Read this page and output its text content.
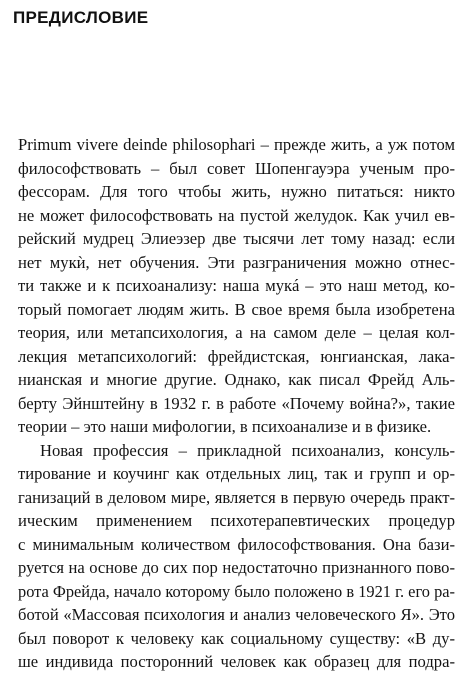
ПРЕДИСЛОВИЕ
Primum vivere deinde philosophari – прежде жить, а уж потом
философствовать – был совет Шопенгауэра ученым про-
фессорам. Для того чтобы жить, нужно питаться: никто
не может философствовать на пустой желудок. Как учил ев-
рейский мудрец Элиеэзер две тысячи лет тому назад: если
нет мукѝ, нет обучения. Эти разграничения можно отнес-
ти также и к психоанализу: наша мукá – это наш метод, ко-
торый помогает людям жить. В свое время была изобретена
теория, или метапсихология, а на самом деле – целая кол-
лекция метапсихологий: фрейдистская, юнгианская, лака-
нианская и многие другие. Однако, как писал Фрейд Аль-
берту Эйнштейну в 1932 г. в работе «Почему война?», такие
теории – это наши мифологии, в психоанализе и в физике.
Новая профессия – прикладной психоанализ, консуль-
тирование и коучинг как отдельных лиц, так и групп и ор-
ганизаций в деловом мире, является в первую очередь практ-
ическим применением психотерапевтических процедур
с минимальным количеством философствования. Она бази-
руется на основе до сих пор недостаточно признанного пово-
рота Фрейда, начало которому было положено в 1921 г. его ра-
ботой «Массовая психология и анализ человеческого Я». Это
был поворот к человеку как социальному существу: «В ду-
ше индивида посторонний человек как образец для подра-
